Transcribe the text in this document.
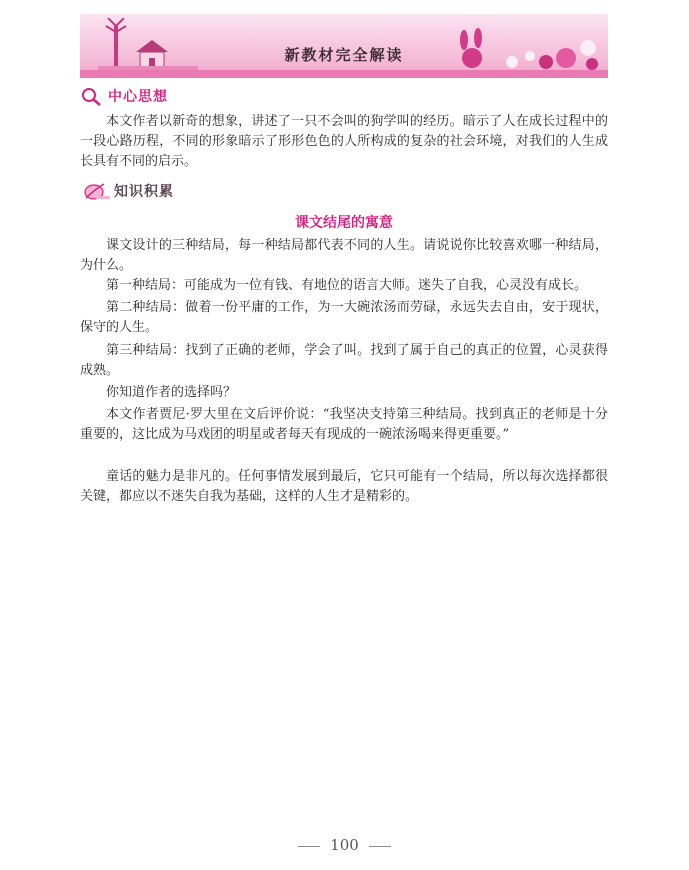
新教材完全解读
中心思想

本文作者以新奇的想象，讲述了一只不会叫的狗学叫的经历。暗示了人在成长过程中的一段心路历程，不同的形象暗示了形形色色的人所构成的复杂的社会环境，对我们的人生成长具有不同的启示。

知识积累
课文结尾的寓意

课文设计的三种结局，每一种结局都代表不同的人生。请说说你比较喜欢哪一种结局，为什么。

第一种结局：可能成为一位有钱、有地位的语言大师。迷失了自我，心灵没有成长。

第二种结局：做着一份平庸的工作，为一大碗浓汤而劳碌，永远失去自由，安于现状，保守的人生。

第三种结局：找到了正确的老师，学会了叫。找到了属于自己的真正的位置，心灵获得成熟。

你知道作者的选择吗？

本文作者贾尼·罗大里在文后评价说：“我坚决支持第三种结局。找到真正的老师是十分重要的，这比成为马戏团的明星或者每天有现成的一碗浓汤喝来得更重要。”

童话的魅力是非凡的。任何事情发展到最后，它只可能有一个结局，所以每次选择都很关键，都应以不迷失自我为基础，这样的人生才是精彩的。

100
